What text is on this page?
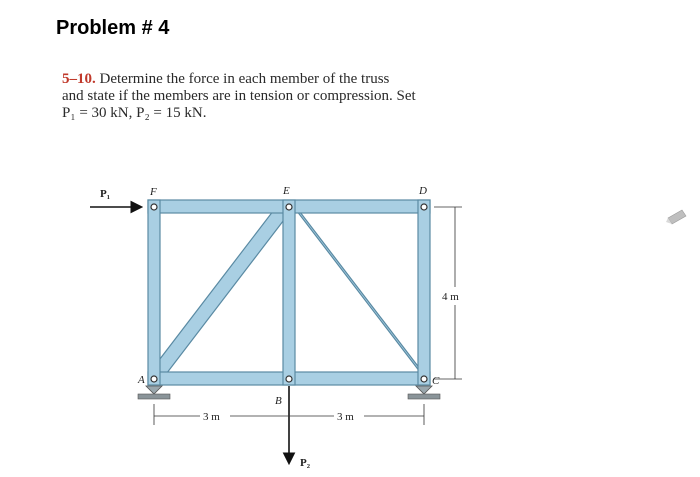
Problem # 4
5–10. Determine the force in each member of the truss
and state if the members are in tension or compression. Set
P₁ = 30 kN, P₂ = 15 kN.
F	E	D
A
B
C
P₁
P₂
3 m	3 m
4 m
